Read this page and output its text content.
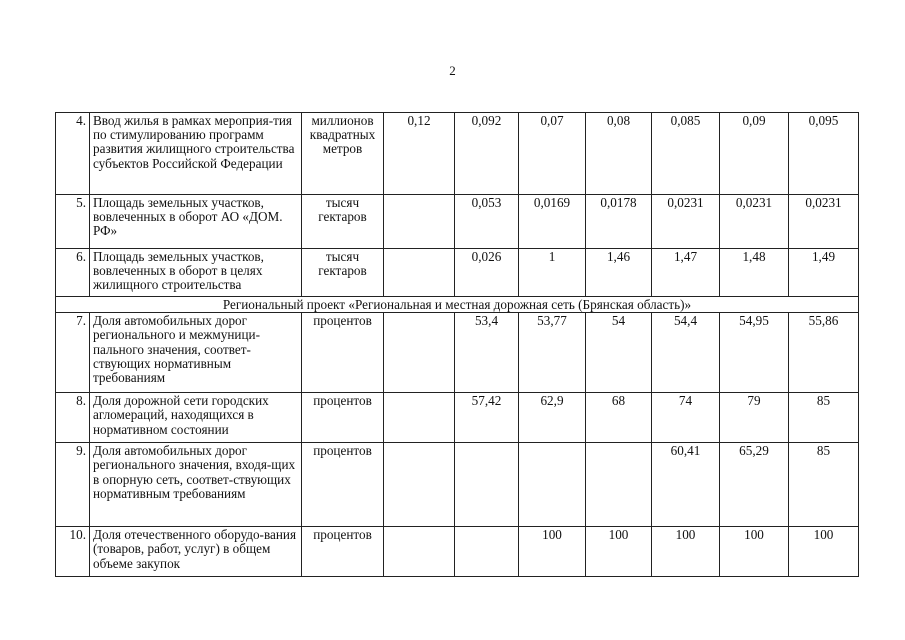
2
4.	Ввод жилья в рамках мероприя-тия по стимулированию программ развития жилищного строительства субъектов Российской Федерации	миллионов квадратных метров	0,12	0,092	0,07	0,08	0,085	0,09	0,095
5.	Площадь земельных участков, вовлеченных в оборот АО «ДОМ. РФ»	тысяч гектаров		0,053	0,0169	0,0178	0,0231	0,0231	0,0231
6.	Площадь земельных участков, вовлеченных в оборот в целях жилищного строительства	тысяч гектаров		0,026	1	1,46	1,47	1,48	1,49
Региональный проект «Региональная и местная дорожная сеть (Брянская область)»									
7.	Доля автомобильных дорог регионального и межмуници-пального значения, соответ-ствующих нормативным требованиям	процентов		53,4	53,77	54	54,4	54,95	55,86
8.	Доля дорожной сети городских агломераций, находящихся в нормативном состоянии	процентов		57,42	62,9	68	74	79	85
9.	Доля автомобильных дорог регионального значения, входя-щих в опорную сеть, соответ-ствующих нормативным требованиям	процентов					60,41	65,29	85
10.	Доля отечественного оборудо-вания (товаров, работ, услуг) в общем объеме закупок	процентов			100	100	100	100	100
